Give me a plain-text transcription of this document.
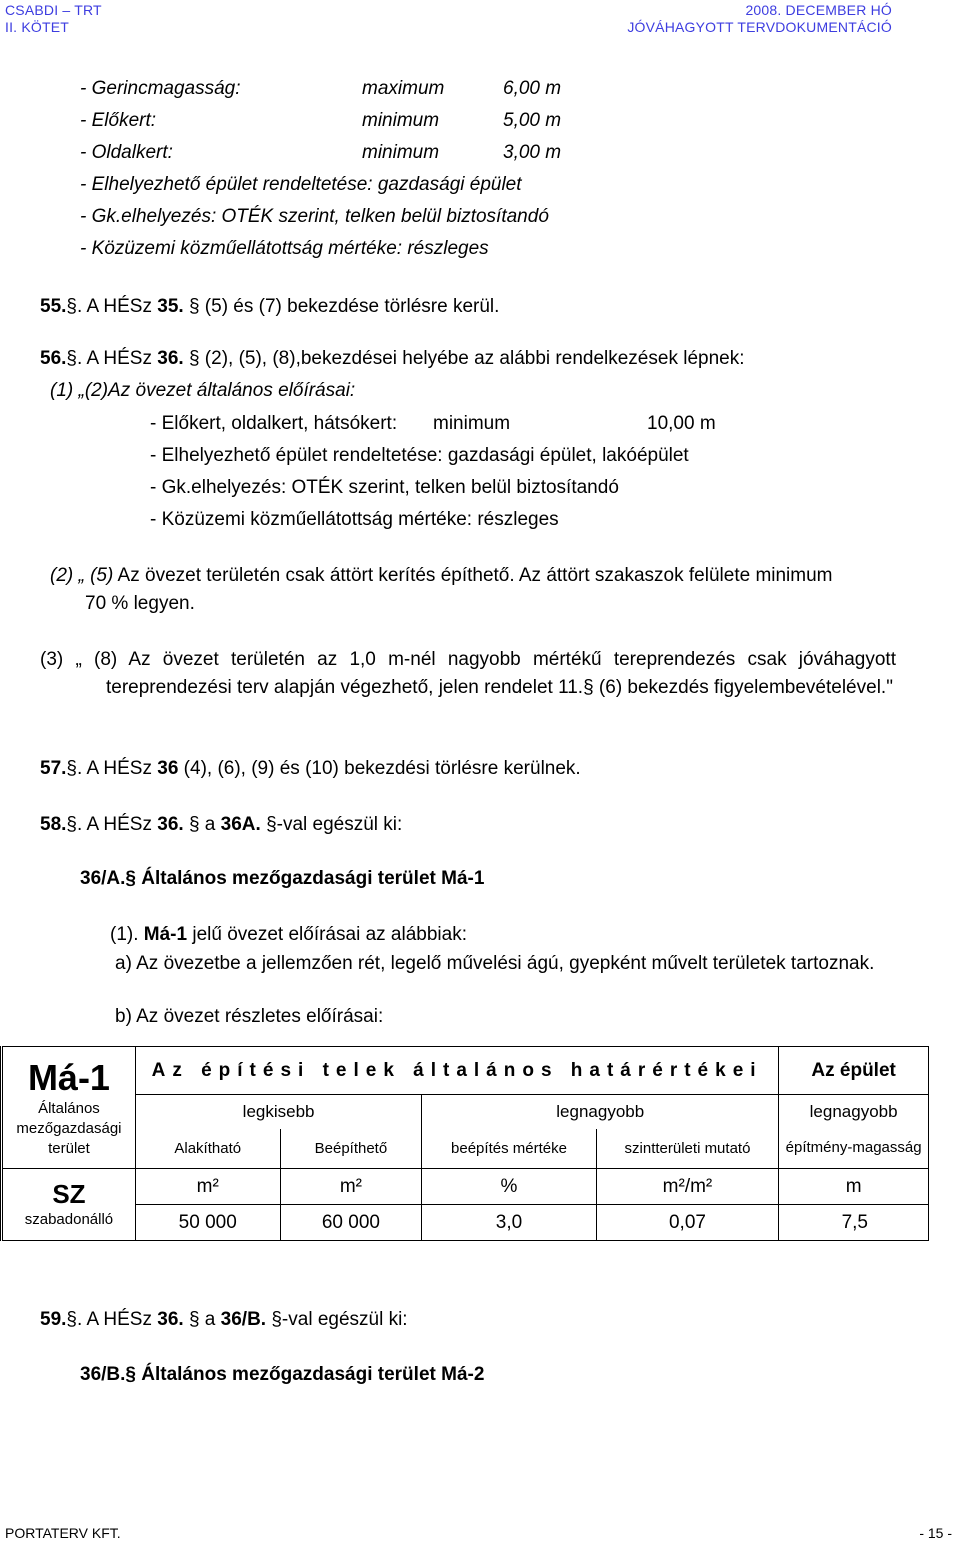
CSABDI – TRT
II. KÖTET
2008. DECEMBER HÓ
JÓVÁHAGYOTT TERVDOKUMENTÁCIÓ
- Gerincmagasság:	maximum	6,00 m
- Előkert:	minimum	5,00 m
- Oldalkert:	minimum	3,00 m
- Elhelyezhető épület rendeltetése: gazdasági épület
- Gk.elhelyezés: OTÉK szerint, telken belül biztosítandó
- Közüzemi közműellátottság mértéke: részleges
55.§. A HÉSz 35. § (5) és (7) bekezdése törlésre kerül.
56.§. A HÉSz 36. § (2), (5), (8),bekezdései helyébe az alábbi rendelkezések lépnek:
(1) „(2)Az övezet általános előírásai:
- Előkert, oldalkert, hátsókert: minimum	10,00 m
- Elhelyezhető épület rendeltetése: gazdasági épület, lakóépület
- Gk.elhelyezés: OTÉK szerint, telken belül biztosítandó
- Közüzemi közműellátottság mértéke: részleges
(2) „ (5) Az övezet területén csak áttört kerítés építhető. Az áttört szakaszok felülete minimum
70 % legyen.
(3) „ (8) Az övezet területén az 1,0 m-nél nagyobb mértékű tereprendezés csak jóváhagyott
tereprendezési terv alapján végezhető, jelen rendelet 11.§ (6) bekezdés figyelembevételével."
57.§. A HÉSz 36 (4), (6), (9) és (10) bekezdési törlésre kerülnek.
58.§. A HÉSz 36. § a 36A. §-val egészül ki:
36/A.§ Általános mezőgazdasági terület Má-1
(1). Má-1 jelű övezet előírásai az alábbiak:
a) Az övezetbe a jellemzően rét, legelő művelési ágú, gyepként művelt területek tartoznak.
b) Az övezet részletes előírásai:
Má-1
Általános mezőgazdasági terület	Az építési telek általános határértékei				Az épület
	legkisebb		legnagyobb		legnagyobb
	Alakítható	Beépíthető	beépítés mértéke	szintterületi mutató	építmény-magasság

SZ
szabadonálló	m²	m²	%	m²/m²	m
	50 000	60 000	3,0	0,07	7,5
59.§. A HÉSz 36. § a 36/B. §-val egészül ki:
36/B.§ Általános mezőgazdasági terület Má-2
PORTATERV KFT.	- 15 -
